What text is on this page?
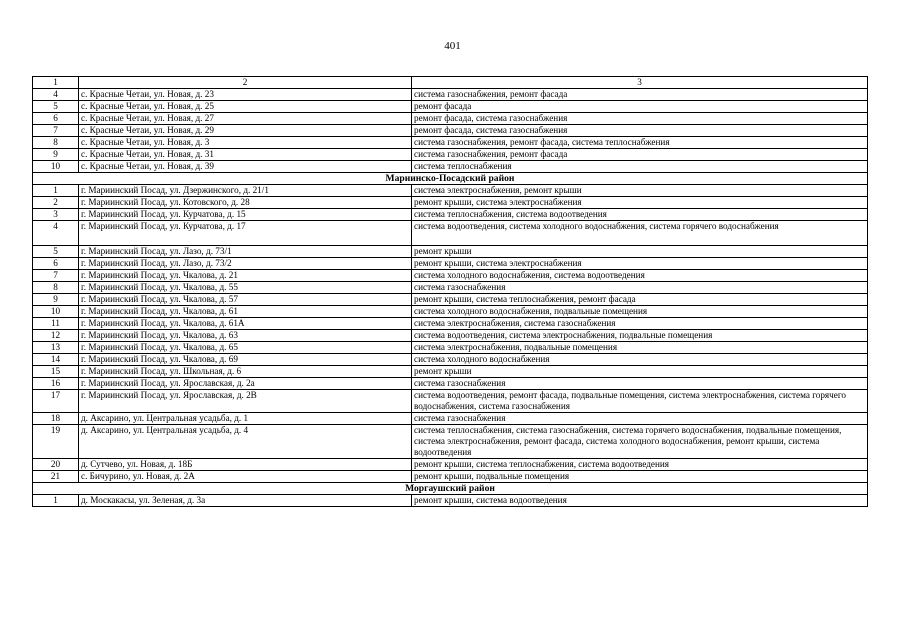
401
1	2	3
4	с. Красные Четаи, ул. Новая, д. 23	система газоснабжения, ремонт фасада
5	с. Красные Четаи, ул. Новая, д. 25	ремонт фасада
6	с. Красные Четаи, ул. Новая, д. 27	ремонт фасада, система газоснабжения
7	с. Красные Четаи, ул. Новая, д. 29	ремонт фасада, система газоснабжения
8	с. Красные Четаи, ул. Новая, д. 3	система газоснабжения, ремонт фасада, система теплоснабжения
9	с. Красные Четаи, ул. Новая, д. 31	система газоснабжения, ремонт фасада
10	с. Красные Четаи, ул. Новая, д. 39	система теплоснабжения
Мариинско-Посадский район		
1	г. Мариинский Посад, ул. Дзержинского, д. 21/1	система электроснабжения, ремонт крыши
2	г. Мариинский Посад, ул. Котовского, д. 28	ремонт крыши, система электроснабжения
3	г. Мариинский Посад, ул. Курчатова, д. 15	система теплоснабжения, система водоотведения
4	г. Мариинский Посад, ул. Курчатова, д. 17	система водоотведения, система холодного водоснабжения, система горячего водоснабжения
5	г. Мариинский Посад, ул. Лазо, д. 73/1	ремонт крыши
6	г. Мариинский Посад, ул. Лазо, д. 73/2	ремонт крыши, система электроснабжения
7	г. Мариинский Посад, ул. Чкалова, д. 21	система холодного водоснабжения, система водоотведения
8	г. Мариинский Посад, ул. Чкалова, д. 55	система газоснабжения
9	г. Мариинский Посад, ул. Чкалова, д. 57	ремонт крыши, система теплоснабжения, ремонт фасада
10	г. Мариинский Посад, ул. Чкалова, д. 61	система холодного водоснабжения, подвальные помещения
11	г. Мариинский Посад, ул. Чкалова, д. 61А	система электроснабжения, система газоснабжения
12	г. Мариинский Посад, ул. Чкалова, д. 63	система водоотведения, система электроснабжения, подвальные помещения
13	г. Мариинский Посад, ул. Чкалова, д. 65	система электроснабжения, подвальные помещения
14	г. Мариинский Посад, ул. Чкалова, д. 69	система холодного водоснабжения
15	г. Мариинский Посад, ул. Школьная, д. 6	ремонт крыши
16	г. Мариинский Посад, ул. Ярославская, д. 2а	система газоснабжения
17	г. Мариинский Посад, ул. Ярославская, д. 2В	система водоотведения, ремонт фасада, подвальные помещения, система электроснабжения, система горячего водоснабжения, система газоснабжения
18	д. Аксарино, ул. Центральная усадьба, д. 1	система газоснабжения
19	д. Аксарино, ул. Центральная усадьба, д. 4	система теплоснабжения, система газоснабжения, система горячего водоснабжения, подвальные помещения, система электроснабжения, ремонт фасада, система холодного водоснабжения, ремонт крыши, система водоотведения
20	д. Сутчево, ул. Новая, д. 18Б	ремонт крыши, система теплоснабжения, система водоотведения
21	с. Бичурино, ул. Новая, д. 2А	ремонт крыши, подвальные помещения
Моргаушский район		
1	д. Москакасы, ул. Зеленая, д. 3а	ремонт крыши, система водоотведения
